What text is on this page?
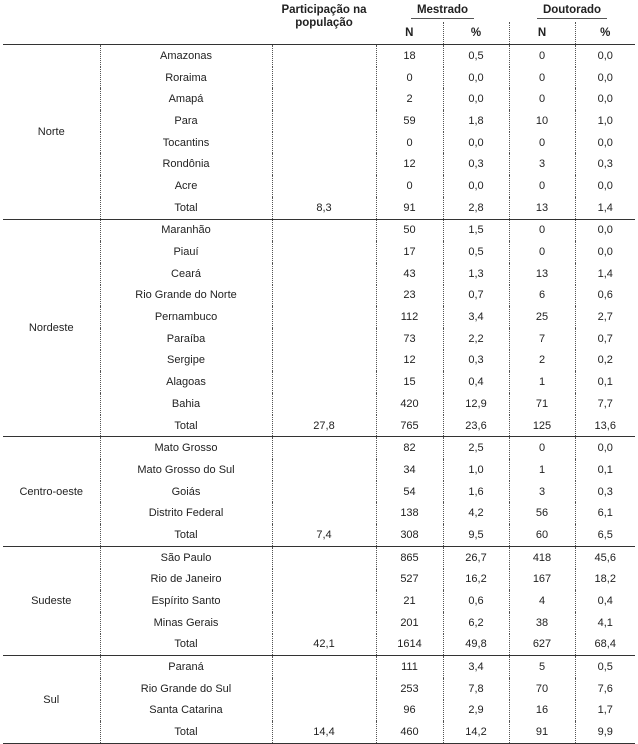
		Participação na população	Mestrado		Doutorado	
			N	%	N	%
Norte	Amazonas		18	0,5	0	0,0
	Roraima		0	0,0	0	0,0
	Amapá		2	0,0	0	0,0
	Para		59	1,8	10	1,0
	Tocantins		0	0,0	0	0,0
	Rondônia		12	0,3	3	0,3
	Acre		0	0,0	0	0,0
	Total	8,3	91	2,8	13	1,4
Nordeste	Maranhão		50	1,5	0	0,0
	Piauí		17	0,5	0	0,0
	Ceará		43	1,3	13	1,4
	Rio Grande do Norte		23	0,7	6	0,6
	Pernambuco		112	3,4	25	2,7
	Paraíba		73	2,2	7	0,7
	Sergipe		12	0,3	2	0,2
	Alagoas		15	0,4	1	0,1
	Bahia		420	12,9	71	7,7
	Total	27,8	765	23,6	125	13,6
Centro-oeste	Mato Grosso		82	2,5	0	0,0
	Mato Grosso do Sul		34	1,0	1	0,1
	Goiás		54	1,6	3	0,3
	Distrito Federal		138	4,2	56	6,1
	Total	7,4	308	9,5	60	6,5
Sudeste	São Paulo		865	26,7	418	45,6
	Rio de Janeiro		527	16,2	167	18,2
	Espírito Santo		21	0,6	4	0,4
	Minas Gerais		201	6,2	38	4,1
	Total	42,1	1614	49,8	627	68,4
Sul	Paraná		111	3,4	5	0,5
	Rio Grande do Sul		253	7,8	70	7,6
	Santa Catarina		96	2,9	16	1,7
	Total	14,4	460	14,2	91	9,9
